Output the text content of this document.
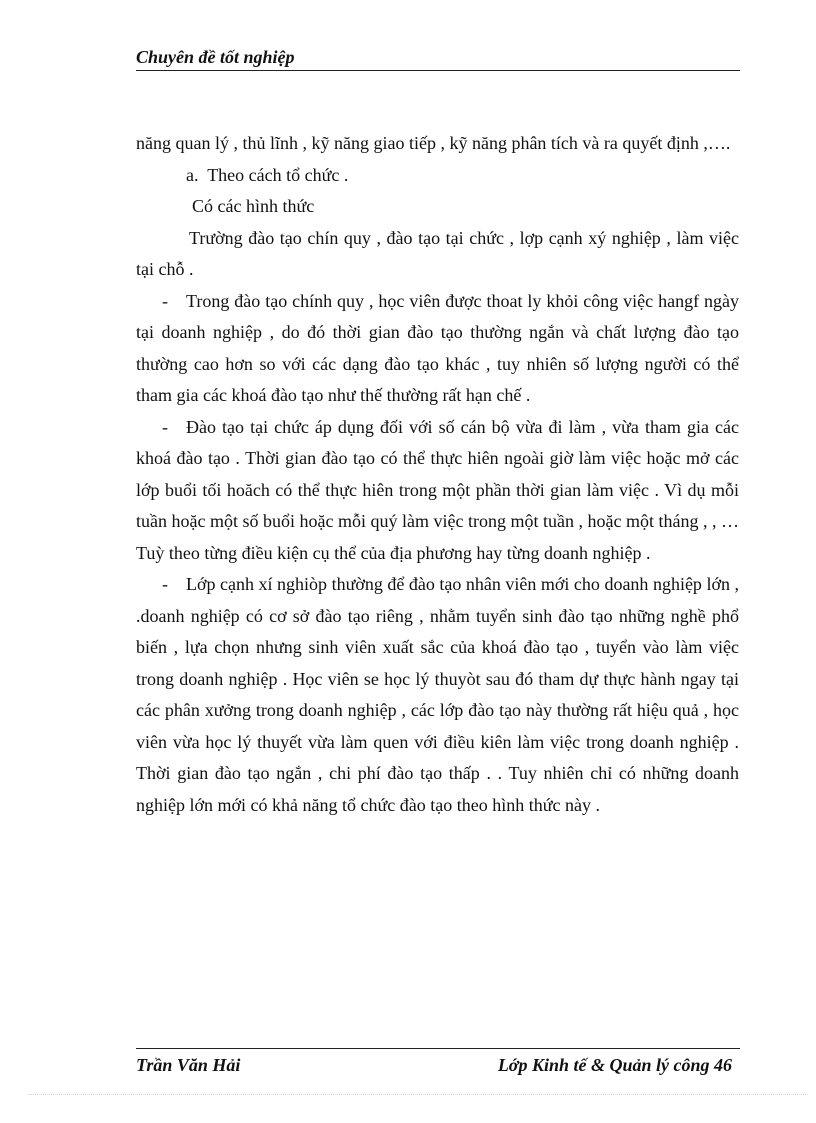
Chuyên đề tốt nghiệp

năng quan lý , thủ lĩnh , kỹ năng giao tiếp , kỹ năng phân tích và ra quyết định ,….

a. Theo cách tổ chức .

Có các hình thức

Trường đào tạo chín quy , đào tạo tại chức , lợp cạnh xý nghiệp , làm việc tại chỗ .

- Trong đào tạo chính quy , học viên được thoat ly khỏi công việc hangf ngày tại doanh nghiệp , do đó thời gian đào tạo thường ngắn và chất lượng đào tạo thường cao hơn so với các dạng đào tạo khác , tuy nhiên số lượng người có thể tham gia các khoá đào tạo như thế thường rất hạn chế .

- Đào tạo tại chức áp dụng đối với số cán bộ vừa đi làm , vừa tham gia các khoá đào tạo . Thời gian đào tạo có thể thực hiên ngoài giờ làm việc hoặc mở các lớp buổi tối hoăch có thể thực hiên trong một phần thời gian làm việc . Vì dụ mỗi tuần hoặc một số buổi hoặc mỗi quý làm việc trong một tuần , hoặc một tháng , , …Tuỳ theo từng điều kiện cụ thể của địa phương hay từng doanh nghiệp .

- Lớp cạnh xí nghiòp thường để đào tạo nhân viên mới cho doanh nghiệp lớn , .doanh nghiệp có cơ sở đào tạo riêng , nhằm tuyển sinh đào tạo những nghề phổ biến , lựa chọn nhưng sinh viên xuất sắc của khoá đào tạo , tuyển vào làm việc trong doanh nghiệp . Học viên se học lý thuyòt sau đó tham dự thực hành ngay tại các phân xưởng trong doanh nghiệp , các lớp đào tạo này thường rất hiệu quả , học viên vừa học lý thuyết vừa làm quen với điều kiên làm việc trong doanh nghiệp . Thời gian đào tạo ngắn , chi phí đào tạo thấp . . Tuy nhiên chỉ có những doanh nghiệp lớn mới có khả năng tổ chức đào tạo theo hình thức này .

Trần Văn Hải	Lớp Kinh tế & Quản lý công 46
